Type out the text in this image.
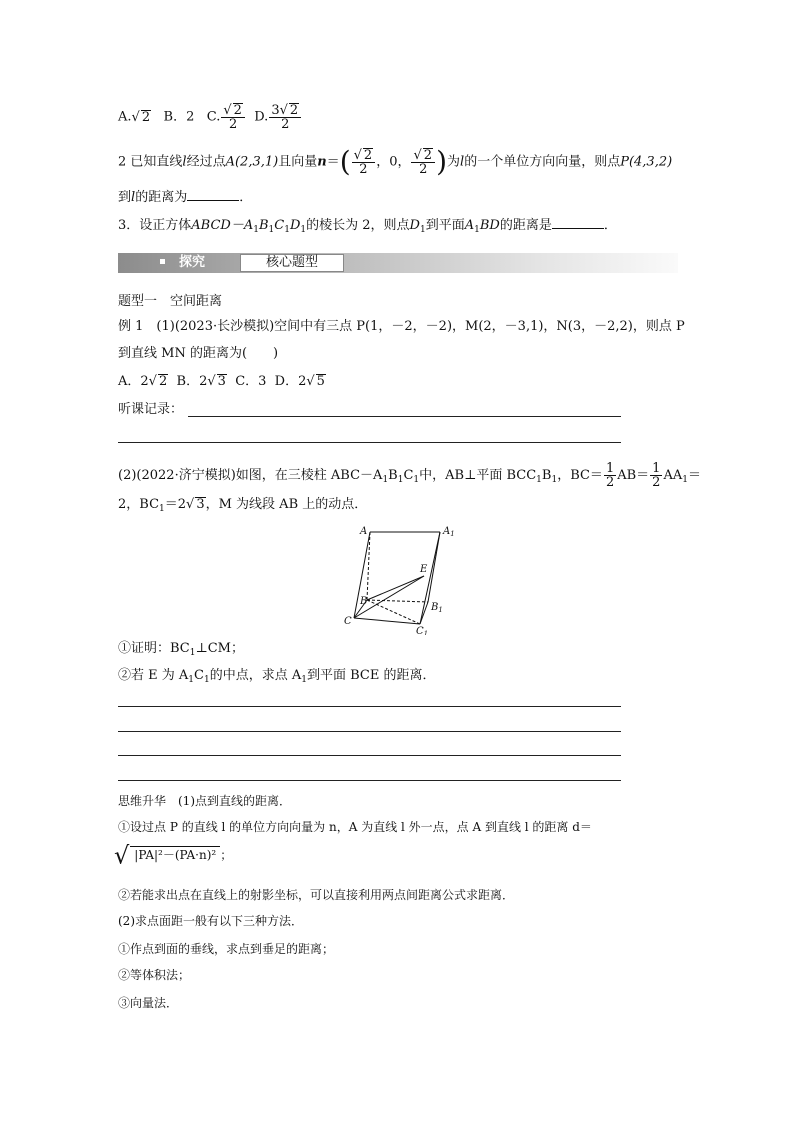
A.√ 2 B．2 C. $\frac{√ 2}{2} D$. $\frac{3√ 2}{2}$
2 已知直线l经过点A(2,3,1)且向量$n=( \frac{√ 2}{2}$ ，0， $\frac{√ 2}{2}$ )为l的一个单位方向向量，则点P(4,3,2)
到l的距离为	．
3．设正方体$ABCD-A_1B_1C_1D_1$的棱长为 2，则点$D_1$到平面$A_1BD$的距离是	．
探究	核心题型
题型一　空间距离
例 1　(1)(2023·长沙模拟)空间中有三点 P(1，－2，－2)，M(2，－3,1)，N(3，－2,2)，则点 P
到直线 MN 的距离为(　　)
A．2√ 2 B．2√ 3 C．3 D．2√ 5
听课记录：
(2)(2022·济宁模拟)如图，在三棱柱 $ABC-A_1B_1C_1$中，AB⊥平面 $BCC_1B_1$，$BC= \frac{1}{2} AB= \frac{1}{2} AA_1=$
2，$BC_1=2√$ 3，M 为线段 AB 上的动点．
A	$A_1$
E
B
$B_1$
C
$C_1$
①证明：$BC_1\perp CM$；
②若 E 为 $A_1C_1$的中点，求点 $A_1$到平面 BCE 的距离．
思维升华　(1)点到直线的距离．
①设过点 P 的直线 l 的单位方向向量为 n，A 为直线 l 外一点，点 A 到直线 l 的距离 d＝
√ |PA|²－(PA·n)² ；
②若能求出点在直线上的射影坐标，可以直接利用两点间距离公式求距离．
(2)求点面距一般有以下三种方法．
①作点到面的垂线，求点到垂足的距离；
②等体积法；
③向量法．
